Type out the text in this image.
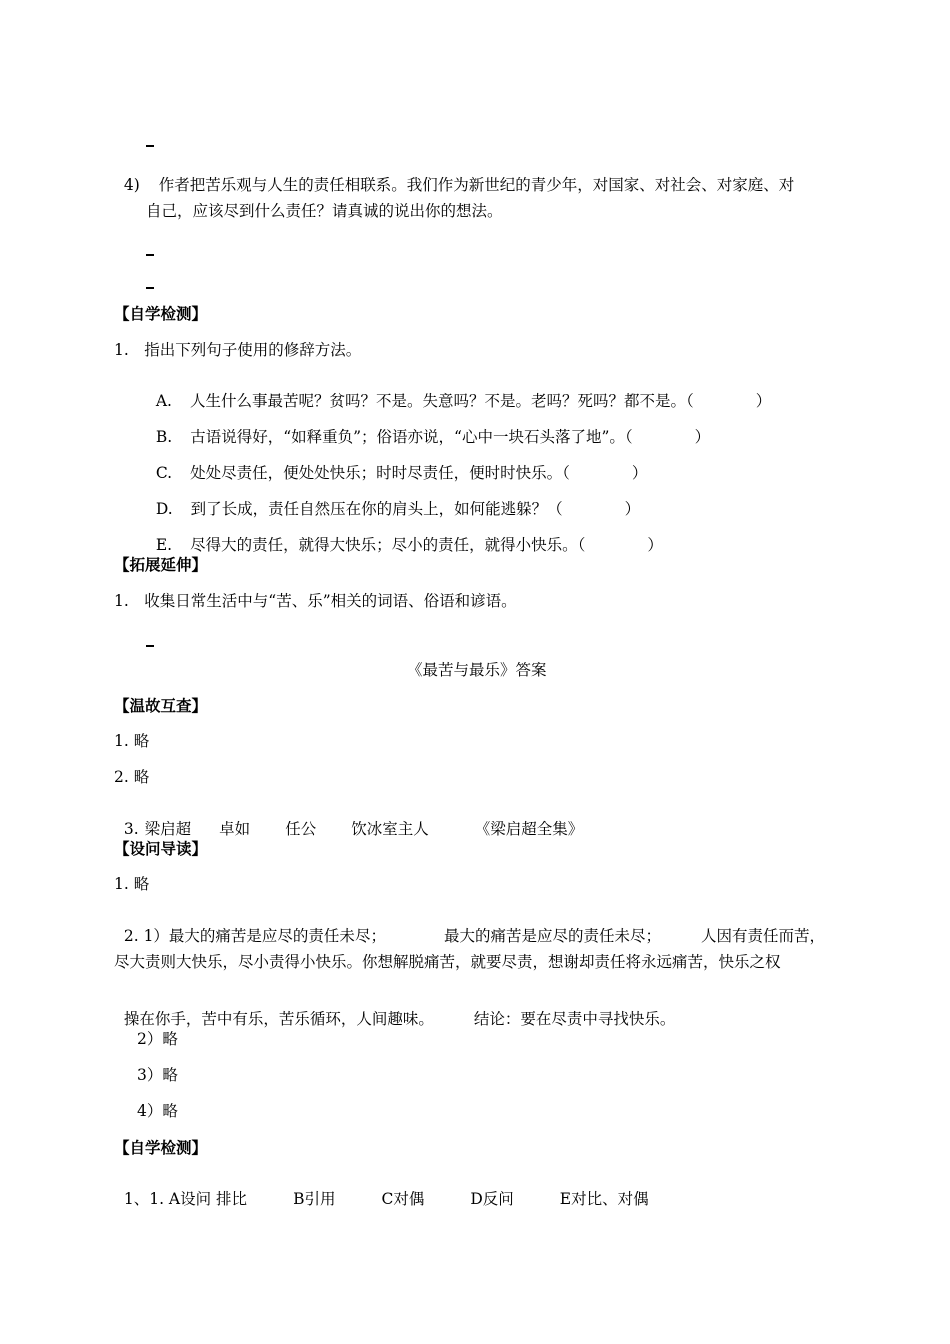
4) 作者把苦乐观与人生的责任相联系。我们作为新世纪的青少年，对国家、对社会、对家庭、对

自己，应该尽到什么责任？请真诚的说出你的想法。
【自学检测】
1.　指出下列句子使用的修辞方法。

A. 人生什么事最苦呢？贫吗？不是。失意吗？不是。老吗？死吗？都不是。（　　　　）

B. 古语说得好，“如释重负”；俗语亦说，“心中一块石头落了地”。（　　　　）

C. 处处尽责任，便处处快乐；时时尽责任，便时时快乐。（　　　　）

D. 到了长成，责任自然压在你的肩头上，如何能逃躲？（　　　　）

E. 尽得大的责任，就得大快乐；尽小的责任，就得小快乐。（　　　　）

【拓展延伸】
1.　收集日常生活中与“苦、乐”相关的词语、俗语和谚语。
《最苦与最乐》答案
【温故互查】
1. 略
2. 略

3. 梁启超 卓如 任公 饮冰室主人	《梁启超全集》

【设问导读】
1. 略

2. 1）最大的痛苦是应尽的责任未尽；	最大的痛苦是应尽的责任未尽；	人因有责任而苦，

尽大责则大快乐，尽小责得小快乐。你想解脱痛苦，就要尽责，想谢却责任将永远痛苦，快乐之权

操在你手，苦中有乐，苦乐循环，人间趣味。	结论：要在尽责中寻找快乐。

2）略
3）略
4）略
【自学检测】

1、1. A设问 排比	B引用	C对偶	D反问	E对比、对偶
